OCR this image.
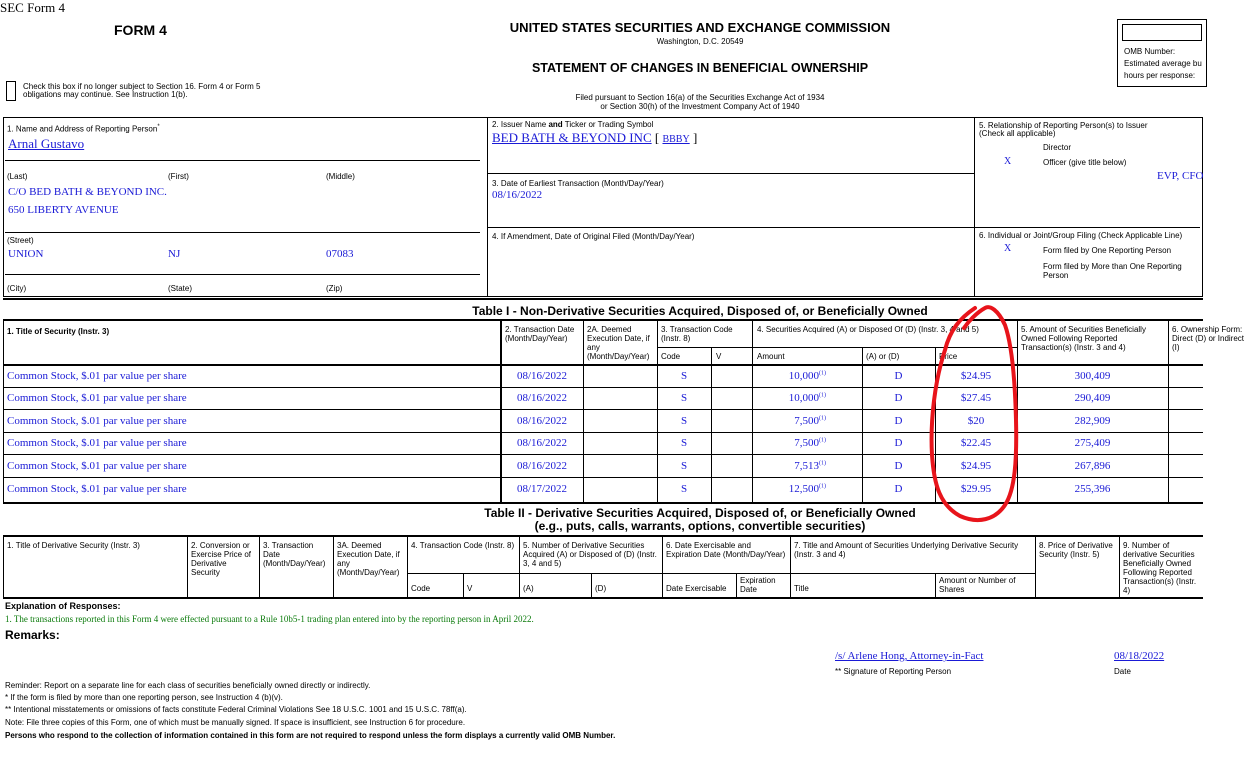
SEC Form 4
FORM 4	UNITED STATES SECURITIES AND EXCHANGE COMMISSION
Washington, D.C. 20549
STATEMENT OF CHANGES IN BENEFICIAL OWNERSHIP
Filed pursuant to Section 16(a) of the Securities Exchange Act of 1934
or Section 30(h) of the Investment Company Act of 1940
Check this box if no longer subject to Section 16. Form 4 or Form 5
obligations may continue. See Instruction 1(b).
OMB Number:
Estimated average bu
hours per response:
1. Name and Address of Reporting Person*
Arnal Gustavo
(Last)	(First)	(Middle)
C/O BED BATH & BEYOND INC.
650 LIBERTY AVENUE
(Street)
UNION	NJ	07083
(City)	(State)	(Zip)
2. Issuer Name and Ticker or Trading Symbol
BED BATH & BEYOND INC [ BBBY ]
3. Date of Earliest Transaction (Month/Day/Year)
08/16/2022
4. If Amendment, Date of Original Filed (Month/Day/Year)
5. Relationship of Reporting Person(s) to Issuer
(Check all applicable)
Director
X	Officer (give title below)
EVP, CFO
6. Individual or Joint/Group Filing (Check Applicable Line)
X	Form filed by One Reporting Person
Form filed by More than One Reporting Person
Table I - Non-Derivative Securities Acquired, Disposed of, or Beneficially Owned
1. Title of Security (Instr. 3)	2. Transaction Date (Month/Day/Year)
2A. Deemed Execution Date, if any (Month/Day/Year)
3. Transaction Code (Instr. 8)
Code	V
4. Securities Acquired (A) or Disposed Of (D) (Instr. 3, 4 and 5)
Amount	(A) or (D)	Price
5. Amount of Securities Beneficially Owned Following Reported Transaction(s) (Instr. 3 and 4)
6. Ownership Form: Direct (D) or Indirect (I)
Common Stock, $.01 par value per share	08/16/2022	S	10,000$^{(1)}$	D	$24.95	300,409
Common Stock, $.01 par value per share	08/16/2022	S	10,000$^{(1)}$	D	$27.45	290,409
Common Stock, $.01 par value per share	08/16/2022	S	7,500$^{(1)}$	D	$20	282,909
Common Stock, $.01 par value per share	08/16/2022	S	7,500$^{(1)}$	D	$22.45	275,409
Common Stock, $.01 par value per share	08/16/2022	S	7,513$^{(1)}$	D	$24.95	267,896
Common Stock, $.01 par value per share	08/17/2022	S	12,500$^{(1)}$	D	$29.95	255,396
Table II - Derivative Securities Acquired, Disposed of, or Beneficially Owned
(e.g., puts, calls, warrants, options, convertible securities)
1. Title of Derivative Security (Instr. 3)	2. Conversion or Exercise Price of Derivative Security
3. Transaction Date (Month/Day/Year)
3A. Deemed Execution Date, if any (Month/Day/Year)
4. Transaction Code (Instr. 8)
Code	V
5. Number of Derivative Securities Acquired (A) or Disposed of (D) (Instr. 3, 4 and 5)
(A)	(D)
6. Date Exercisable and Expiration Date (Month/Day/Year)
Date Exercisable
Expiration Date
7. Title and Amount of Securities Underlying Derivative Security (Instr. 3 and 4)
Title
Amount or Number of Shares
8. Price of Derivative Security (Instr. 5)
9. Number of derivative Securities Beneficially Owned Following Reported Transaction(s) (Instr. 4)
Explanation of Responses:
1. The transactions reported in this Form 4 were effected pursuant to a Rule 10b5-1 trading plan entered into by the reporting person in April 2022.
Remarks:
/s/ Arlene Hong, Attorney-in-Fact
** Signature of Reporting Person
08/18/2022
Date
Reminder: Report on a separate line for each class of securities beneficially owned directly or indirectly.
* If the form is filed by more than one reporting person, see Instruction 4 (b)(v).
** Intentional misstatements or omissions of facts constitute Federal Criminal Violations See 18 U.S.C. 1001 and 15 U.S.C. 78ff(a).
Note: File three copies of this Form, one of which must be manually signed. If space is insufficient, see Instruction 6 for procedure.
Persons who respond to the collection of information contained in this form are not required to respond unless the form displays a currently valid OMB Number.
